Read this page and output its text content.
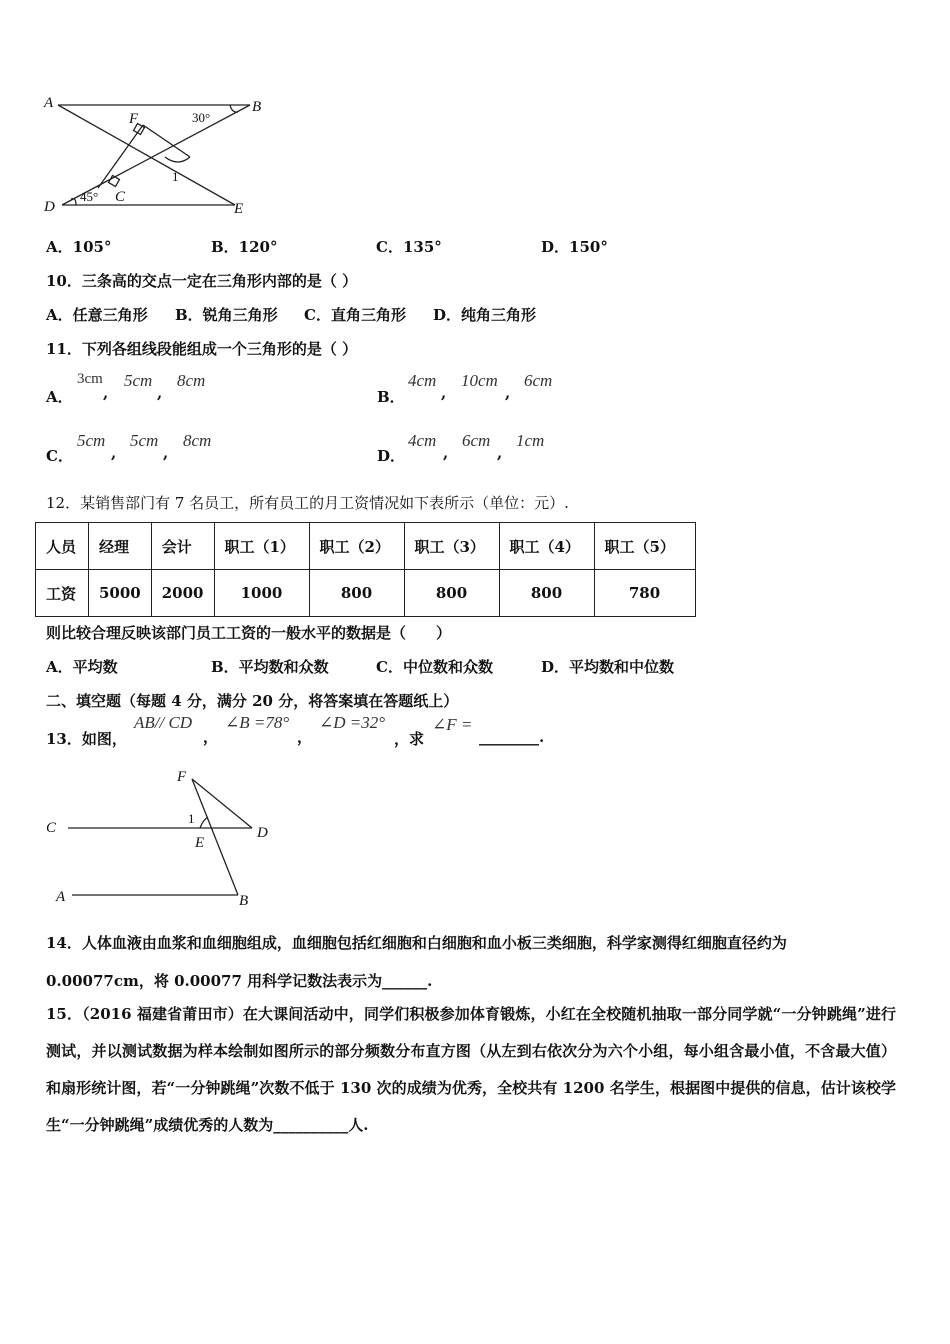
A	B
F	30°
1
D
45° C
E
A．105°	B．120°	C．135°	D．150°
10．三条高的交点一定在三角形内部的是（ ）
A．任意三角形 B．锐角三角形 C．直角三角形 D．纯角三角形
11．下列各组线段能组成一个三角形的是（ ）
A．
3cm
,
5cm
,
8cm
B．
4cm
,
10cm
,
6cm
C．
5cm
,
5cm
,
8cm
D．
4cm
,
6cm
,
1cm
12．某销售部门有 7 名员工，所有员工的月工资情况如下表所示（单位：元）.
人员	经理	会计	职工（1）	职工（2）	职工（3）	职工（4）	职工（5）
工资	5000	2000	1000	800	800	800	780
则比较合理反映该部门员工工资的一般水平的数据是（　　）
A．平均数	B．平均数和众数	C．中位数和众数	D．平均数和中位数
二、填空题（每题 4 分，满分 20 分，将答案填在答题纸上）
13．如图，
AB// CD
，
∠B =78°
，
∠D =32°
，求
∠F =
________.
F
C
1
E
D
A	B
14．人体血液由血浆和血细胞组成，血细胞包括红细胞和白细胞和血小板三类细胞，科学家测得红细胞直径约为
0.00077cm，将 0.00077 用科学记数法表示为______.
15．（2016 福建省莆田市）在大课间活动中，同学们积极参加体育锻炼，小红在全校随机抽取一部分同学就“一分钟跳绳”进行测试，并以测试数据为样本绘制如图所示的部分频数分布直方图（从左到右依次分为六个小组，每小组含最小值，不含最大值）和扇形统计图，若“一分钟跳绳”次数不低于 130 次的成绩为优秀，全校共有 1200 名学生，根据图中提供的信息，估计该校学生“一分钟跳绳”成绩优秀的人数为__________人.
